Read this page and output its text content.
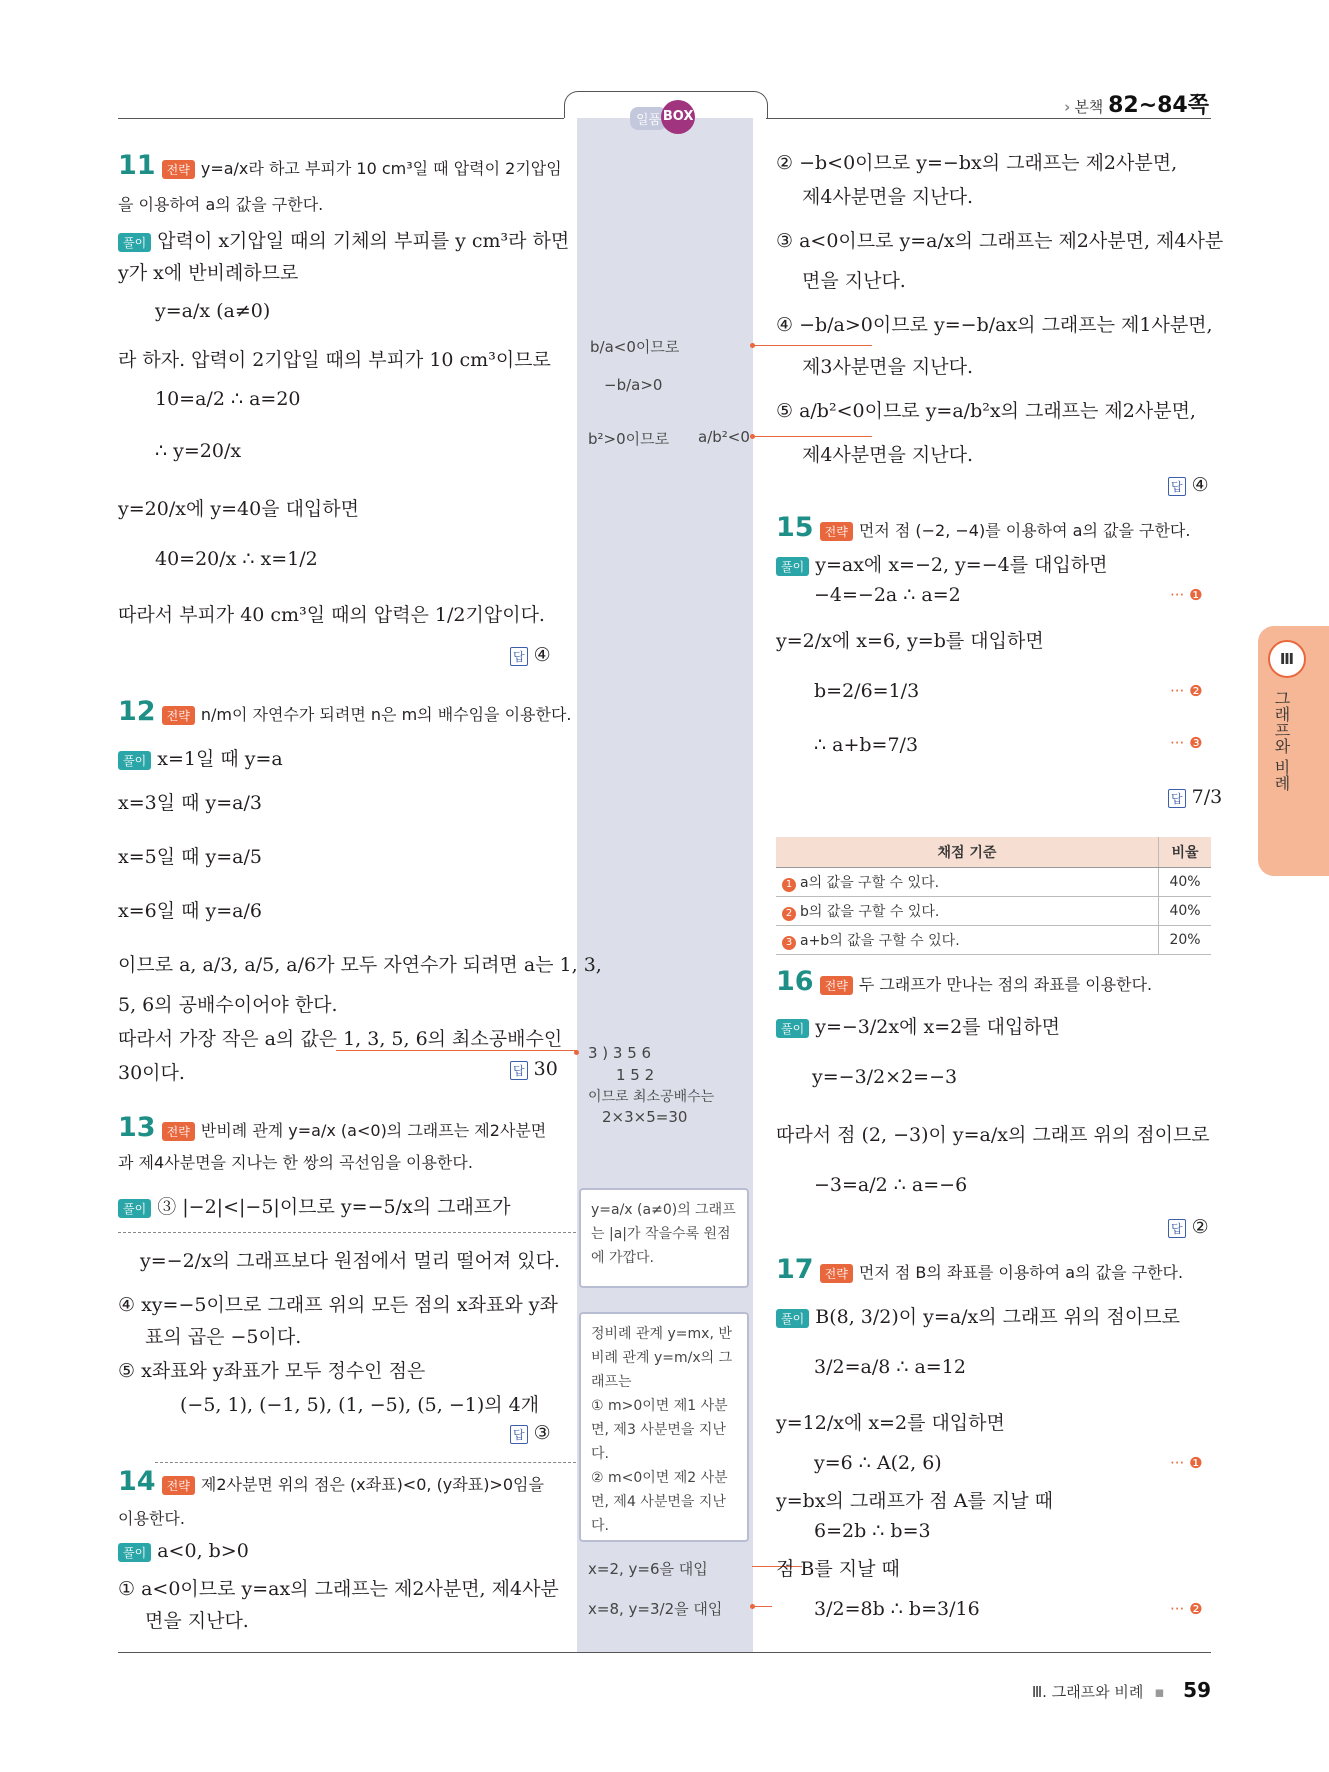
일품 BOX
› 본책 82~84쪽
11 전략 y=a/x라 하고 부피가 10 cm³일 때 압력이 2기압임
을 이용하여 a의 값을 구한다.
풀이 압력이 x기압일 때의 기체의 부피를 y cm³라 하면
y가 x에 반비례하므로
y=a/x (a≠0)
라 하자. 압력이 2기압일 때의 부피가 10 cm³이므로
10=a/2 ∴ a=20
∴ y=20/x
y=20/x에 y=40을 대입하면
40=20/x ∴ x=1/2
따라서 부피가 40 cm³일 때의 압력은 1/2기압이다.
답 ④
12 전략 n/m이 자연수가 되려면 n은 m의 배수임을 이용한다.
풀이 x=1일 때 y=a
x=3일 때 y=a/3
x=5일 때 y=a/5
x=6일 때 y=a/6
이므로 a, a/3, a/5, a/6가 모두 자연수가 되려면 a는 1, 3,
5, 6의 공배수이어야 한다.
따라서 가장 작은 a의 값은 1, 3, 5, 6의 최소공배수인
30이다.	답 30
13 전략 반비례 관계 y=a/x (a<0)의 그래프는 제2사분면
과 제4사분면을 지나는 한 쌍의 곡선임을 이용한다.
풀이 ③ |−2|<|−5|이므로 y=−5/x의 그래프가
y=−2/x의 그래프보다 원점에서 멀리 떨어져 있다.
④ xy=−5이므로 그래프 위의 모든 점의 x좌표와 y좌
표의 곱은 −5이다.
⑤ x좌표와 y좌표가 모두 정수인 점은
(−5, 1), (−1, 5), (1, −5), (5, −1)의 4개
답 ③
14 전략 제2사분면 위의 점은 (x좌표)<0, (y좌표)>0임을
이용한다.
풀이 a<0, b>0
① a<0이므로 y=ax의 그래프는 제2사분면, 제4사분
면을 지난다.
b/a<0이므로
−b/a>0
b²>0이므로 a/b²<0
3 ) 3 5 6
1 5 2
이므로 최소공배수는
2×3×5=30
y=a/x (a≠0)의 그래프는 |a|가 작을수록 원점에 가깝다.
정비례 관계 y=mx, 반
비례 관계 y=m/x의 그
래프는
① m>0이면 제1 사분면, 제3 사분면을 지난다.
② m<0이면 제2 사분면, 제4 사분면을 지난다.
x=2, y=6을 대입
x=8, y=3/2을 대입
② −b<0이므로 y=−bx의 그래프는 제2사분면,
제4사분면을 지난다.
③ a<0이므로 y=a/x의 그래프는 제2사분면, 제4사분
면을 지난다.
④ −b/a>0이므로 y=−b/ax의 그래프는 제1사분면,
제3사분면을 지난다.
⑤ a/b²<0이므로 y=a/b²x의 그래프는 제2사분면,
제4사분면을 지난다.
답 ④
15 전략 먼저 점 (−2, −4)를 이용하여 a의 값을 구한다.
풀이 y=ax에 x=−2, y=−4를 대입하면
−4=−2a ∴ a=2	··· ❶
y=2/x에 x=6, y=b를 대입하면
b=2/6=1/3	··· ❷
∴ a+b=7/3	··· ❸
답 7/3
채점 기준	비율
1 a의 값을 구할 수 있다.	40%
2 b의 값을 구할 수 있다.	40%
3 a+b의 값을 구할 수 있다.	20%
16 전략 두 그래프가 만나는 점의 좌표를 이용한다.
풀이 y=−3/2x에 x=2를 대입하면
y=−3/2×2=−3
따라서 점 (2, −3)이 y=a/x의 그래프 위의 점이므로
−3=a/2 ∴ a=−6
답 ②
17 전략 먼저 점 B의 좌표를 이용하여 a의 값을 구한다.
풀이 B(8, 3/2)이 y=a/x의 그래프 위의 점이므로
3/2=a/8 ∴ a=12
y=12/x에 x=2를 대입하면
y=6 ∴ A(2, 6)	··· ❶
y=bx의 그래프가 점 A를 지날 때
6=2b ∴ b=3
점 B를 지날 때
3/2=8b ∴ b=3/16	··· ❷
Ⅲ
그래프와 비례
Ⅲ. 그래프와 비례 ▪ 59
